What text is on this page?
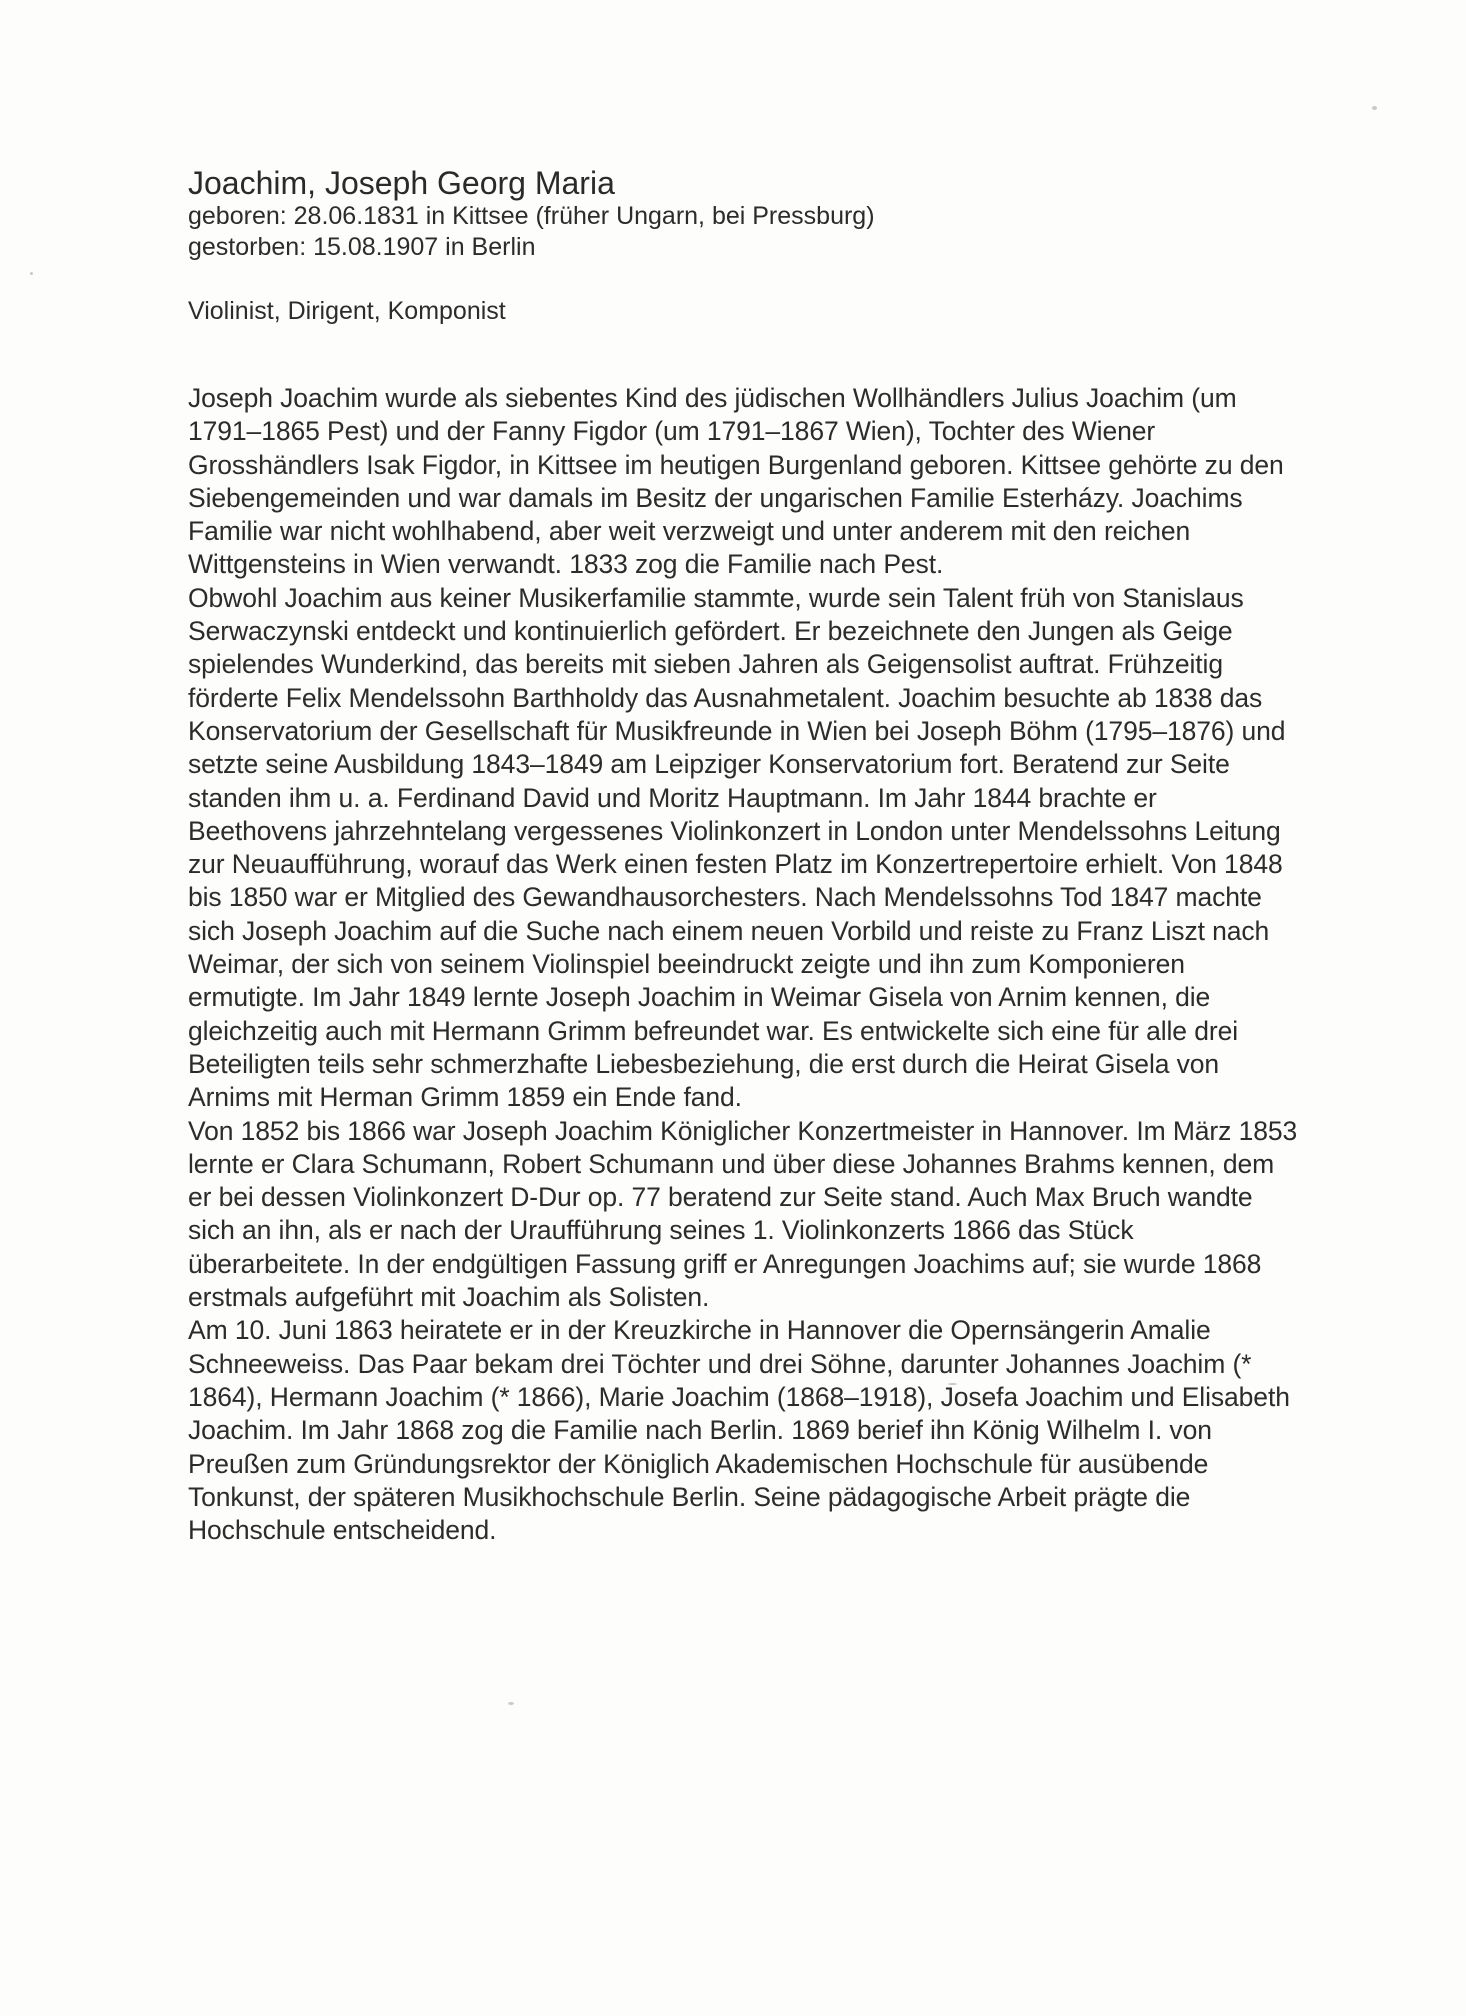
Joachim, Joseph Georg Maria

geboren: 28.06.1831 in Kittsee (früher Ungarn, bei Pressburg)

gestorben: 15.08.1907 in Berlin

Violinist, Dirigent, Komponist

Joseph Joachim wurde als siebentes Kind des jüdischen Wollhändlers Julius Joachim (um 1791–1865 Pest) und der Fanny Figdor (um 1791–1867 Wien), Tochter des Wiener Grosshändlers Isak Figdor, in Kittsee im heutigen Burgenland geboren. Kittsee gehörte zu den Siebengemeinden und war damals im Besitz der ungarischen Familie Esterházy. Joachims Familie war nicht wohlhabend, aber weit verzweigt und unter anderem mit den reichen Wittgensteins in Wien verwandt. 1833 zog die Familie nach Pest.

Obwohl Joachim aus keiner Musikerfamilie stammte, wurde sein Talent früh von Stanislaus Serwaczynski entdeckt und kontinuierlich gefördert. Er bezeichnete den Jungen als Geige spielendes Wunderkind, das bereits mit sieben Jahren als Geigensolist auftrat. Frühzeitig förderte Felix Mendelssohn Barthholdy das Ausnahmetalent. Joachim besuchte ab 1838 das Konservatorium der Gesellschaft für Musikfreunde in Wien bei Joseph Böhm (1795–1876) und setzte seine Ausbildung 1843–1849 am Leipziger Konservatorium fort. Beratend zur Seite standen ihm u. a. Ferdinand David und Moritz Hauptmann. Im Jahr 1844 brachte er Beethovens jahrzehntelang vergessenes Violinkonzert in London unter Mendelssohns Leitung zur Neuaufführung, worauf das Werk einen festen Platz im Konzertrepertoire erhielt. Von 1848 bis 1850 war er Mitglied des Gewandhausorchesters. Nach Mendelssohns Tod 1847 machte sich Joseph Joachim auf die Suche nach einem neuen Vorbild und reiste zu Franz Liszt nach Weimar, der sich von seinem Violinspiel beeindruckt zeigte und ihn zum Komponieren ermutigte. Im Jahr 1849 lernte Joseph Joachim in Weimar Gisela von Arnim kennen, die gleichzeitig auch mit Hermann Grimm befreundet war. Es entwickelte sich eine für alle drei Beteiligten teils sehr schmerzhafte Liebesbeziehung, die erst durch die Heirat Gisela von Arnims mit Herman Grimm 1859 ein Ende fand.

Von 1852 bis 1866 war Joseph Joachim Königlicher Konzertmeister in Hannover. Im März 1853 lernte er Clara Schumann, Robert Schumann und über diese Johannes Brahms kennen, dem er bei dessen Violinkonzert D-Dur op. 77 beratend zur Seite stand. Auch Max Bruch wandte sich an ihn, als er nach der Uraufführung seines 1. Violinkonzerts 1866 das Stück überarbeitete. In der endgültigen Fassung griff er Anregungen Joachims auf; sie wurde 1868 erstmals aufgeführt mit Joachim als Solisten.

Am 10. Juni 1863 heiratete er in der Kreuzkirche in Hannover die Opernsängerin Amalie Schneeweiss. Das Paar bekam drei Töchter und drei Söhne, darunter Johannes Joachim (* 1864), Hermann Joachim (* 1866), Marie Joachim (1868–1918), Josefa Joachim und Elisabeth Joachim. Im Jahr 1868 zog die Familie nach Berlin. 1869 berief ihn König Wilhelm I. von Preußen zum Gründungsrektor der Königlich Akademischen Hochschule für ausübende Tonkunst, der späteren Musikhochschule Berlin. Seine pädagogische Arbeit prägte die Hochschule entscheidend.
